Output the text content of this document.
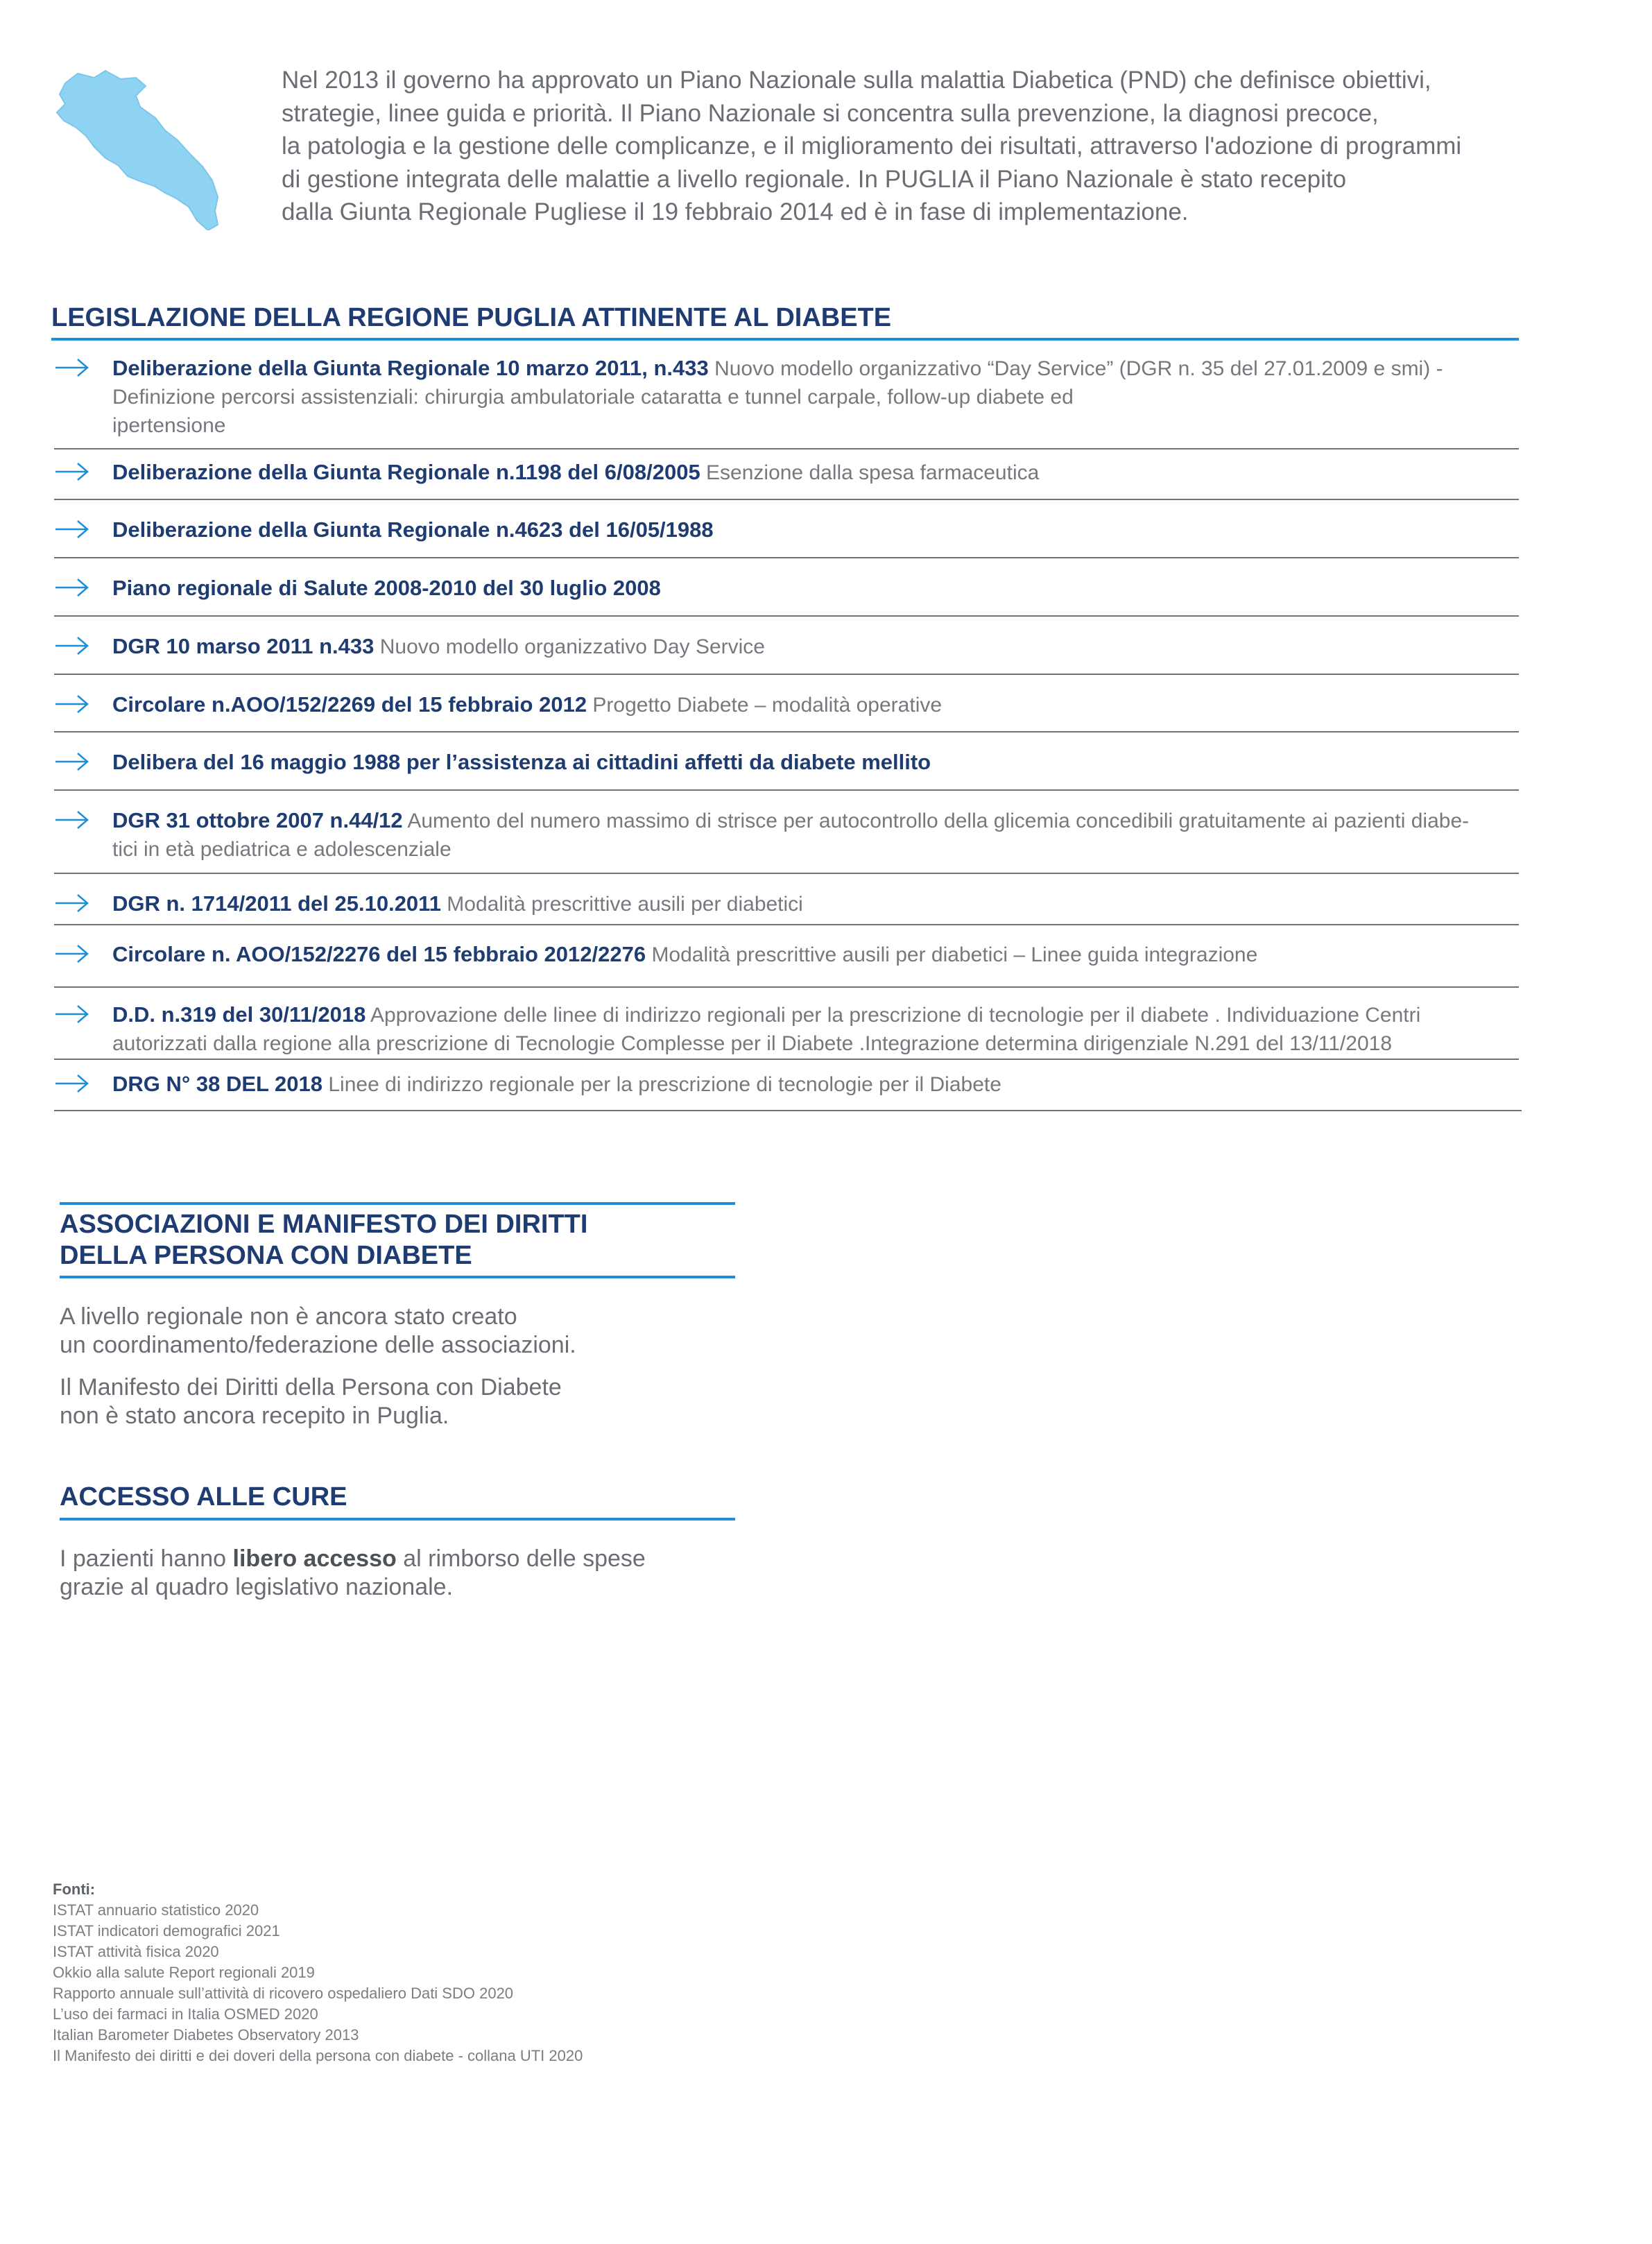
Nel 2013 il governo ha approvato un Piano Nazionale sulla malattia Diabetica (PND) che definisce obiettivi,
strategie, linee guida e priorità. Il Piano Nazionale si concentra sulla prevenzione, la diagnosi precoce,
la patologia e la gestione delle complicanze, e il miglioramento dei risultati, attraverso l'adozione di programmi
di gestione integrata delle malattie a livello regionale. In PUGLIA il Piano Nazionale è stato recepito
dalla Giunta Regionale Pugliese il 19 febbraio 2014 ed è in fase di implementazione.
LEGISLAZIONE DELLA REGIONE PUGLIA ATTINENTE AL DIABETE
Deliberazione della Giunta Regionale 10 marzo 2011, n.433 Nuovo modello organizzativo “Day Service” (DGR n. 35 del 27.01.2009 e smi) -
Definizione percorsi assistenziali: chirurgia ambulatoriale cataratta e tunnel carpale, follow-up diabete ed
ipertensione
Deliberazione della Giunta Regionale n.1198 del 6/08/2005 Esenzione dalla spesa farmaceutica
Deliberazione della Giunta Regionale n.4623 del 16/05/1988
Piano regionale di Salute 2008-2010 del 30 luglio 2008
DGR 10 marso 2011 n.433 Nuovo modello organizzativo Day Service
Circolare n.AOO/152/2269 del 15 febbraio 2012 Progetto Diabete – modalità operative
Delibera del 16 maggio 1988 per l’assistenza ai cittadini affetti da diabete mellito
DGR 31 ottobre 2007 n.44/12 Aumento del numero massimo di strisce per autocontrollo della glicemia concedibili gratuitamente ai pazienti diabe-
tici in età pediatrica e adolescenziale
DGR n. 1714/2011 del 25.10.2011 Modalità prescrittive ausili per diabetici
Circolare n. AOO/152/2276 del 15 febbraio 2012/2276 Modalità prescrittive ausili per diabetici – Linee guida integrazione
D.D. n.319 del 30/11/2018 Approvazione delle linee di indirizzo regionali per la prescrizione di tecnologie per il diabete . Individuazione Centri
autorizzati dalla regione alla prescrizione di Tecnologie Complesse per il Diabete .Integrazione determina dirigenziale N.291 del 13/11/2018
DRG N° 38 DEL 2018 Linee di indirizzo regionale per la prescrizione di tecnologie per il Diabete
ASSOCIAZIONI E MANIFESTO DEI DIRITTI
DELLA PERSONA CON DIABETE
A livello regionale non è ancora stato creato
un coordinamento/federazione delle associazioni.
Il Manifesto dei Diritti della Persona con Diabete
non è stato ancora recepito in Puglia.
ACCESSO ALLE CURE
I pazienti hanno libero accesso al rimborso delle spese
grazie al quadro legislativo nazionale.
Fonti:
ISTAT annuario statistico 2020
ISTAT indicatori demografici 2021
ISTAT attività fisica 2020
Okkio alla salute Report regionali 2019
Rapporto annuale sull’attività di ricovero ospedaliero Dati SDO 2020
L’uso dei farmaci in Italia OSMED 2020
Italian Barometer Diabetes Observatory 2013
Il Manifesto dei diritti e dei doveri della persona con diabete - collana UTI 2020
